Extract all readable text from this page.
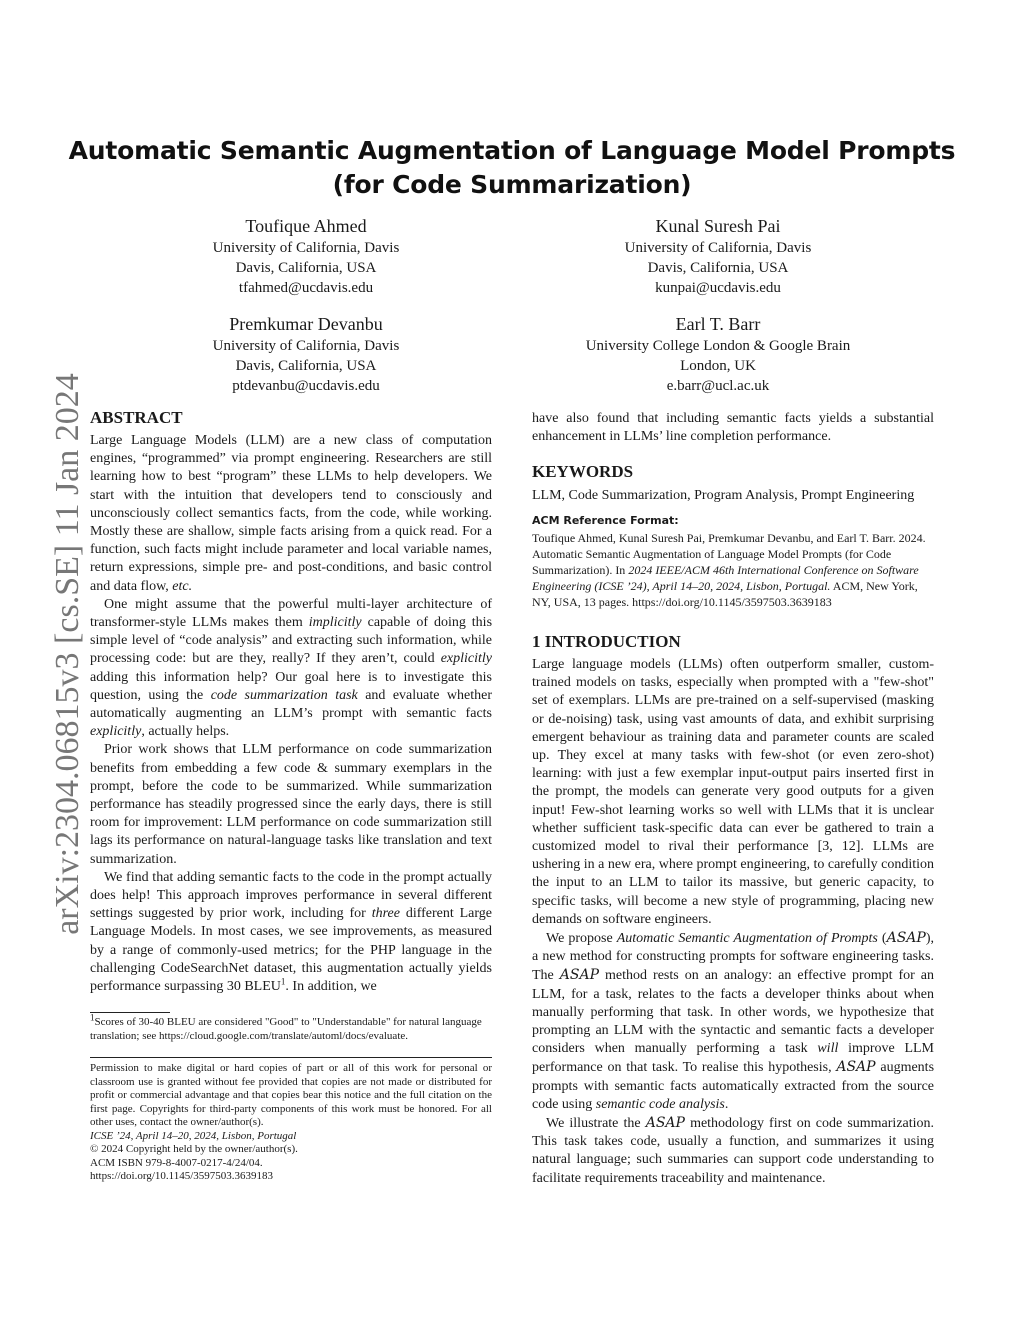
arXiv:2304.06815v3 [cs.SE] 11 Jan 2024
Automatic Semantic Augmentation of Language Model Prompts
(for Code Summarization)
Toufique Ahmed
University of California, Davis
Davis, California, USA
tfahmed@ucdavis.edu
Kunal Suresh Pai
University of California, Davis
Davis, California, USA
kunpai@ucdavis.edu
Premkumar Devanbu
University of California, Davis
Davis, California, USA
ptdevanbu@ucdavis.edu
Earl T. Barr
University College London & Google Brain
London, UK
e.barr@ucl.ac.uk
ABSTRACT

Large Language Models (LLM) are a new class of computation engines, “programmed” via prompt engineering. Researchers are still learning how to best “program” these LLMs to help developers. We start with the intuition that developers tend to consciously and unconsciously collect semantics facts, from the code, while working. Mostly these are shallow, simple facts arising from a quick read. For a function, such facts might include parameter and local variable names, return expressions, simple pre- and post-conditions, and basic control and data flow, etc.

One might assume that the powerful multi-layer architecture of transformer-style LLMs makes them implicitly capable of doing this simple level of “code analysis” and extracting such information, while processing code: but are they, really? If they aren’t, could explicitly adding this information help? Our goal here is to investigate this question, using the code summarization task and evaluate whether automatically augmenting an LLM’s prompt with semantic facts explicitly, actually helps.

Prior work shows that LLM performance on code summarization benefits from embedding a few code & summary exemplars in the prompt, before the code to be summarized. While summarization performance has steadily progressed since the early days, there is still room for improvement: LLM performance on code summarization still lags its performance on natural-language tasks like translation and text summarization.

We find that adding semantic facts to the code in the prompt actually does help! This approach improves performance in several different settings suggested by prior work, including for three different Large Language Models. In most cases, we see improvements, as measured by a range of commonly-used metrics; for the PHP language in the challenging CodeSearchNet dataset, this augmentation actually yields performance surpassing 30 BLEU$^1$. In addition, we

$^1$Scores of 30-40 BLEU are considered "Good" to "Understandable" for natural language translation; see https://cloud.google.com/translate/automl/docs/evaluate.
Permission to make digital or hard copies of part or all of this work for personal or classroom use is granted without fee provided that copies are not made or distributed for profit or commercial advantage and that copies bear this notice and the full citation on the first page. Copyrights for third-party components of this work must be honored. For all other uses, contact the owner/author(s).
ICSE ’24, April 14–20, 2024, Lisbon, Portugal
© 2024 Copyright held by the owner/author(s).
ACM ISBN 979-8-4007-0217-4/24/04.
https://doi.org/10.1145/3597503.3639183

have also found that including semantic facts yields a substantial enhancement in LLMs’ line completion performance.

KEYWORDS

LLM, Code Summarization, Program Analysis, Prompt Engineering

ACM Reference Format:
Toufique Ahmed, Kunal Suresh Pai, Premkumar Devanbu, and Earl T. Barr. 2024. Automatic Semantic Augmentation of Language Model Prompts (for Code Summarization). In 2024 IEEE/ACM 46th International Conference on Software Engineering (ICSE ’24), April 14–20, 2024, Lisbon, Portugal. ACM, New York, NY, USA, 13 pages. https://doi.org/10.1145/3597503.3639183
1 INTRODUCTION

Large language models (LLMs) often outperform smaller, custom-trained models on tasks, especially when prompted with a "few-shot" set of exemplars. LLMs are pre-trained on a self-supervised (masking or de-noising) task, using vast amounts of data, and exhibit surprising emergent behaviour as training data and parameter counts are scaled up. They excel at many tasks with few-shot (or even zero-shot) learning: with just a few exemplar input-output pairs inserted first in the prompt, the models can generate very good outputs for a given input! Few-shot learning works so well with LLMs that it is unclear whether sufficient task-specific data can ever be gathered to train a customized model to rival their performance [3, 12]. LLMs are ushering in a new era, where prompt engineering, to carefully condition the input to an LLM to tailor its massive, but generic capacity, to specific tasks, will become a new style of programming, placing new demands on software engineers.

We propose Automatic Semantic Augmentation of Prompts (ASAP), a new method for constructing prompts for software engineering tasks. The ASAP method rests on an analogy: an effective prompt for an LLM, for a task, relates to the facts a developer thinks about when manually performing that task. In other words, we hypothesize that prompting an LLM with the syntactic and semantic facts a developer considers when manually performing a task will improve LLM performance on that task. To realise this hypothesis, ASAP augments prompts with semantic facts automatically extracted from the source code using semantic code analysis.

We illustrate the ASAP methodology first on code summarization. This task takes code, usually a function, and summarizes it using natural language; such summaries can support code understanding to facilitate requirements traceability and maintenance.
